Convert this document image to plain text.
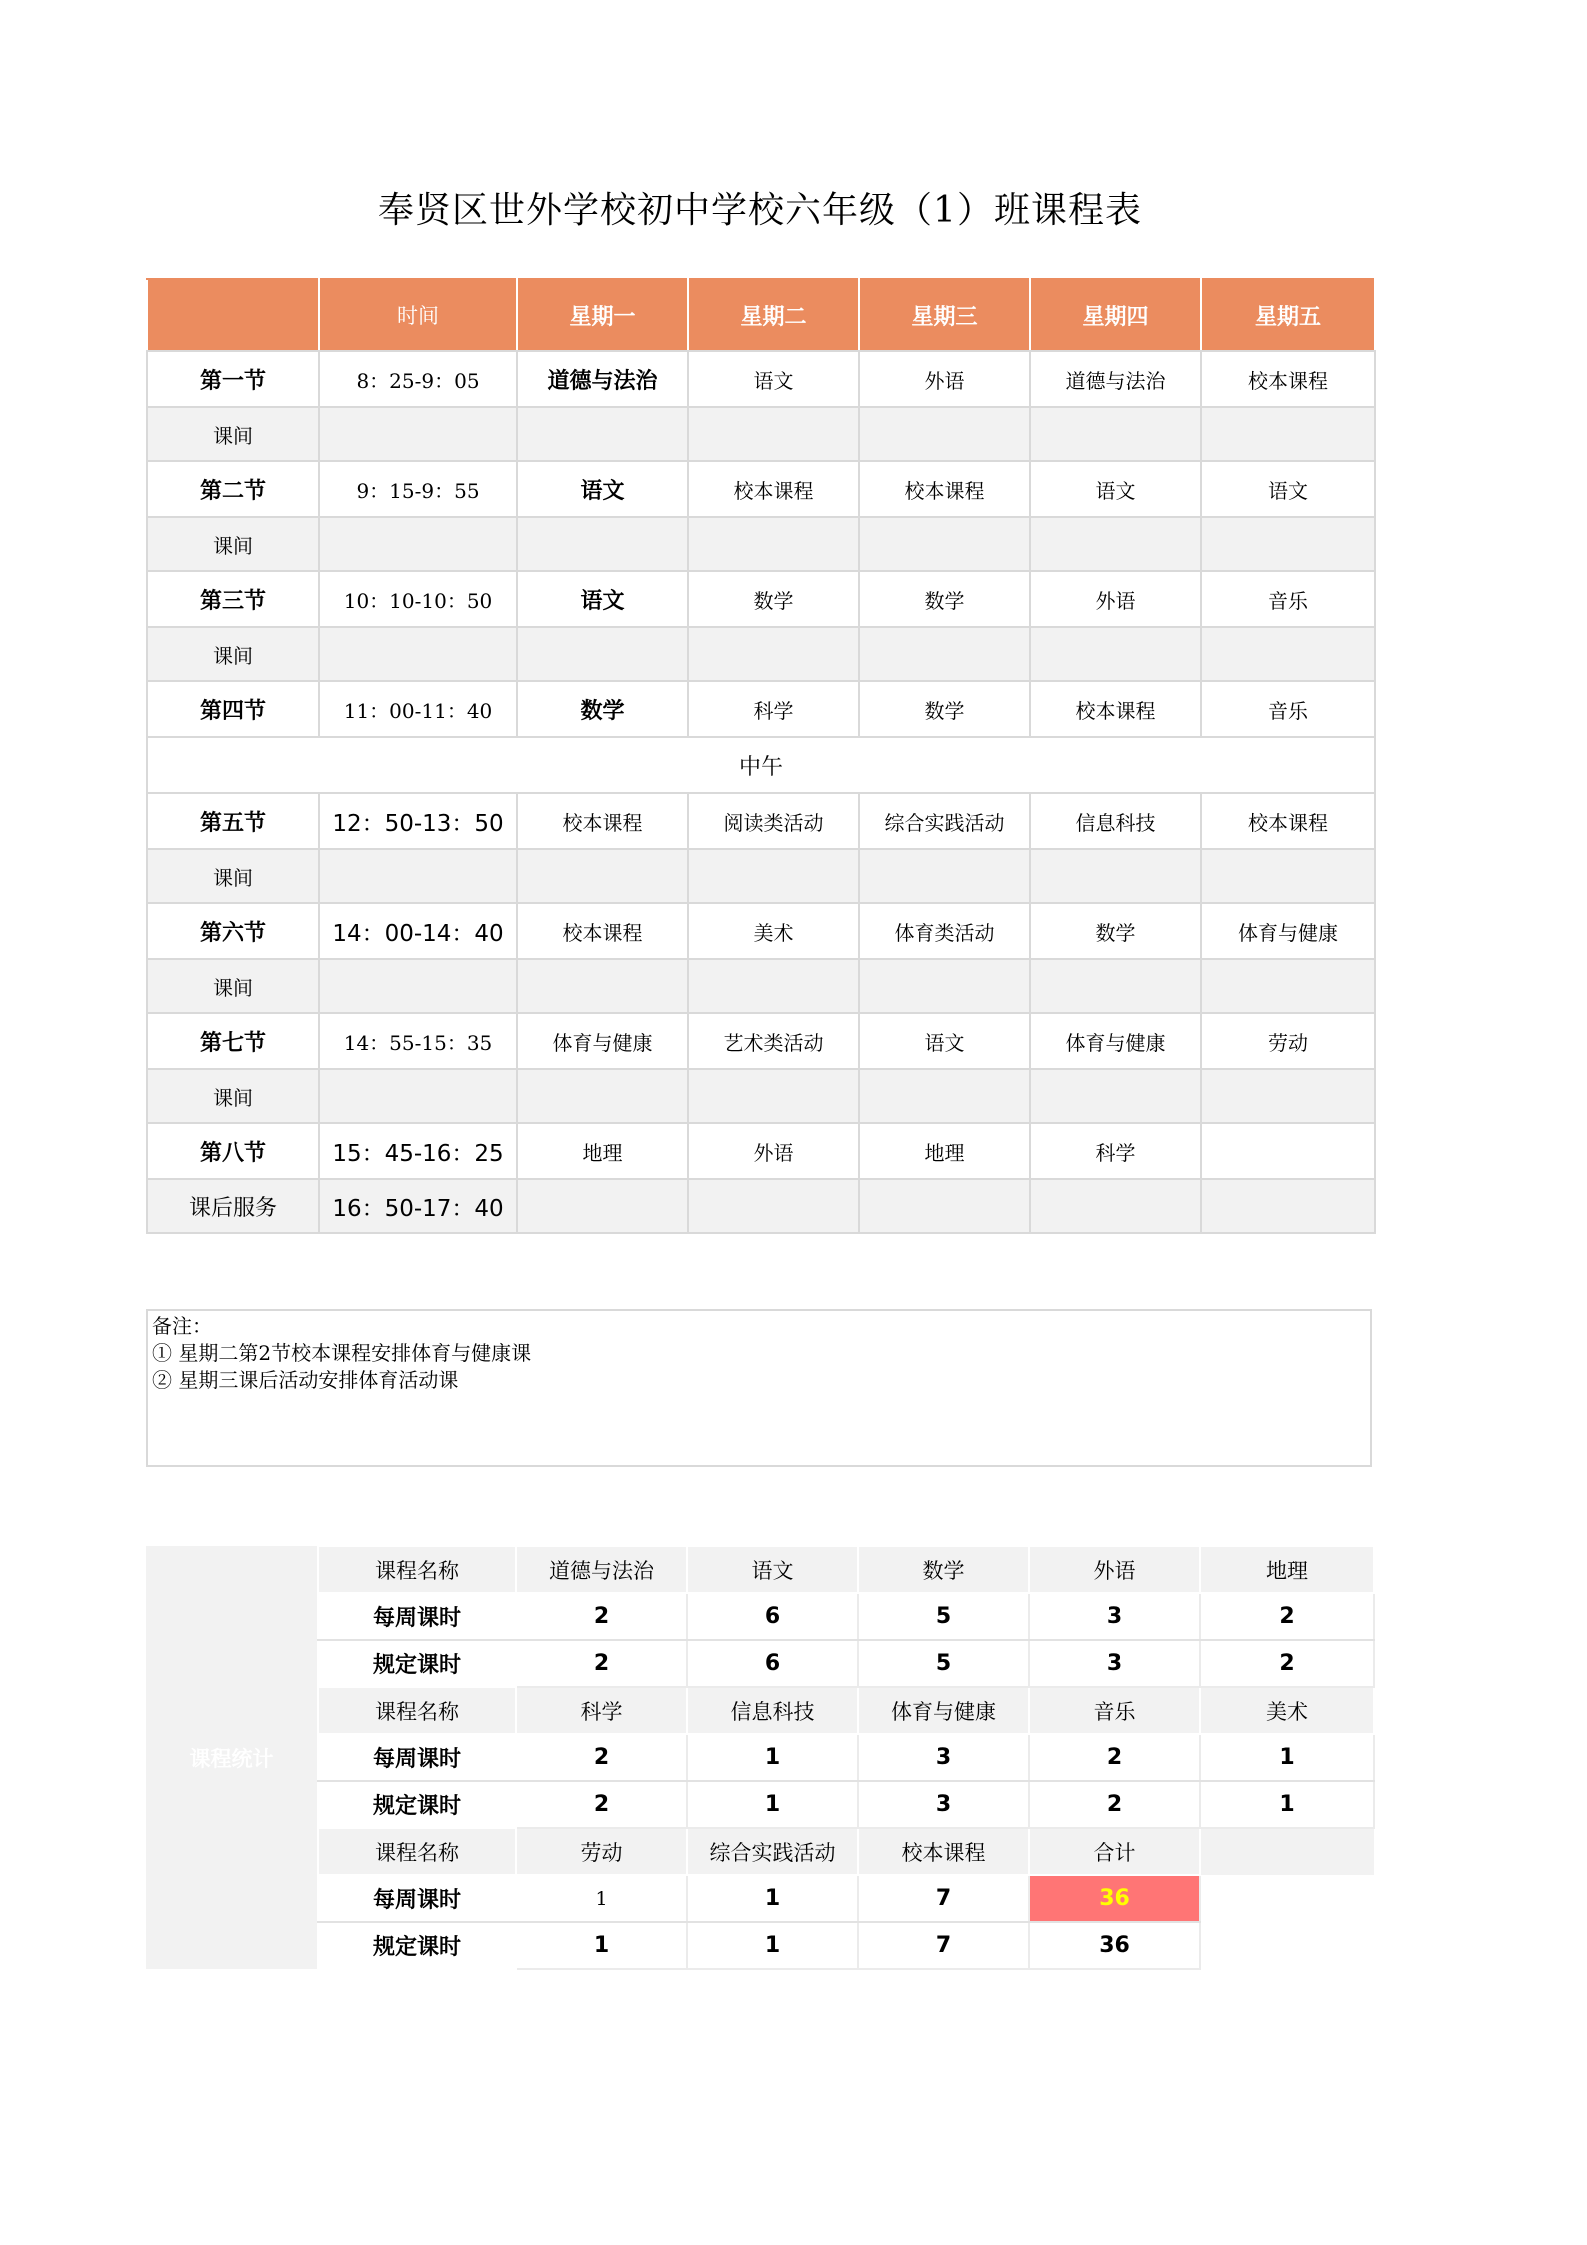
奉贤区世外学校初中学校六年级（1）班课程表
	时间	星期一	星期二	星期三	星期四	星期五
第一节	8：25-9：05	道德与法治	语文	外语	道德与法治	校本课程
课间						
第二节	9：15-9：55	语文	校本课程	校本课程	语文	语文
课间						
第三节	10：10-10：50	语文	数学	数学	外语	音乐
课间						
第四节	11：00-11：40	数学	科学	数学	校本课程	音乐
中午						
第五节	12：50-13：50	校本课程	阅读类活动	综合实践活动	信息科技	校本课程
课间						
第六节	14：00-14：40	校本课程	美术	体育类活动	数学	体育与健康
课间						
第七节	14：55-15：35	体育与健康	艺术类活动	语文	体育与健康	劳动
课间						
第八节	15：45-16：25	地理	外语	地理	科学	
课后服务	16：50-17：40					
备注：
① 星期二第2节校本课程安排体育与健康课
② 星期三课后活动安排体育活动课
课程统计	课程名称	道德与法治	语文	数学	外语	地理
	每周课时	2	6	5	3	2
	规定课时	2	6	5	3	2
	课程名称	科学	信息科技	体育与健康	音乐	美术
	每周课时	2	1	3	2	1
	规定课时	2	1	3	2	1
	课程名称	劳动	综合实践活动	校本课程	合计	
	每周课时	1	1	7	36	
	规定课时	1	1	7	36	
